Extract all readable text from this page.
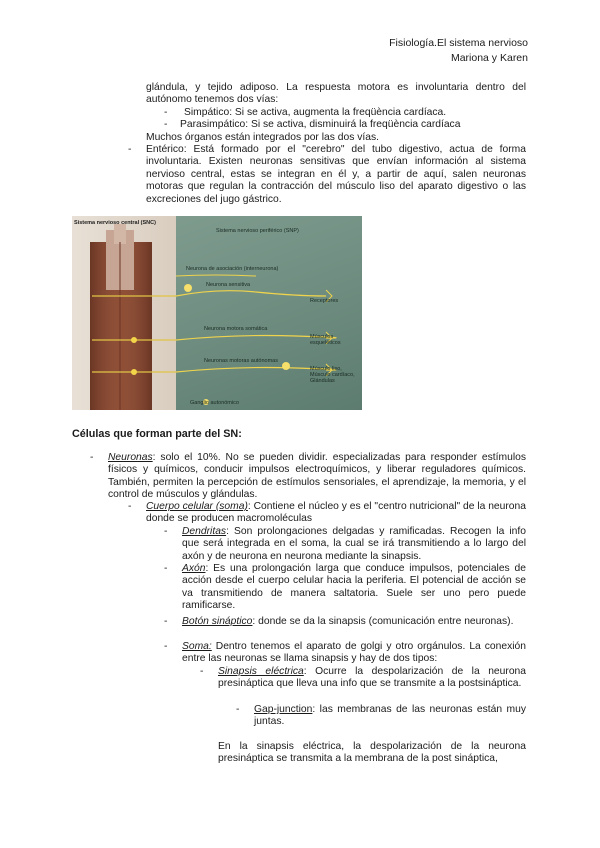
Fisiología.El sistema nervioso
Mariona y Karen
glándula, y tejido adiposo. La respuesta motora es involuntaria dentro del autónomo tenemos dos vías:
- Simpático: Si se activa, augmenta la freqüència cardíaca.
- Parasimpático: Si se activa, disminuirá la freqüència cardíaca
Muchos órganos están integrados por las dos vías.
- Entérico: Está formado por el "cerebro" del tubo digestivo, actua de forma involuntaria. Existen neuronas sensitivas que envían información al sistema nervioso central, estas se integran en él y, a partir de aquí, salen neuronas motoras que regulan la contracción del músculo liso del aparato digestivo o las excreciones del jugo gástrico.
Sistema nervioso central (SNC)
Sistema nervioso periférico (SNP)
Neurona de asociación (interneurona)
Neurona sensitiva
Receptores
Neurona motora somática
Músculos esqueléticos
Neuronas motoras autónomas
Músculo liso, Músculo cardíaco, Glándulas
Ganglio autonómico
Células que forman parte del SN:
- Neuronas: solo el 10%. No se pueden dividir. especializadas para responder estímulos físicos y químicos, conducir impulsos electroquímicos, y liberar reguladores químicos. También, permiten la percepción de estímulos sensoriales, el aprendizaje, la memoria, y el control de músculos y glándulas.
- Cuerpo celular (soma): Contiene el núcleo y es el "centro nutricional" de la neurona donde se producen macromoléculas
- Dendritas: Son prolongaciones delgadas y ramificadas. Recogen la info que será integrada en el soma, la cual se irá transmitiendo a lo largo del axón y de neurona en neurona mediante la sinapsis.
- Axón: Es una prolongación larga que conduce impulsos, potenciales de acción desde el cuerpo celular hacia la periferia. El potencial de acción se va transmitiendo de manera saltatoria. Suele ser uno pero puede ramificarse.
- Botón sináptico: donde se da la sinapsis (comunicación entre neuronas).
- Soma: Dentro tenemos el aparato de golgi y otro orgánulos. La conexión entre las neuronas se llama sinapsis y hay de dos tipos:
- Sinapsis eléctrica: Ocurre la despolarización de la neurona presináptica que lleva una info que se transmite a la postsináptica.
- Gap-junction: las membranas de las neuronas están muy juntas.
En la sinapsis eléctrica, la despolarización de la neurona presináptica se transmita a la membrana de la post sináptica,
